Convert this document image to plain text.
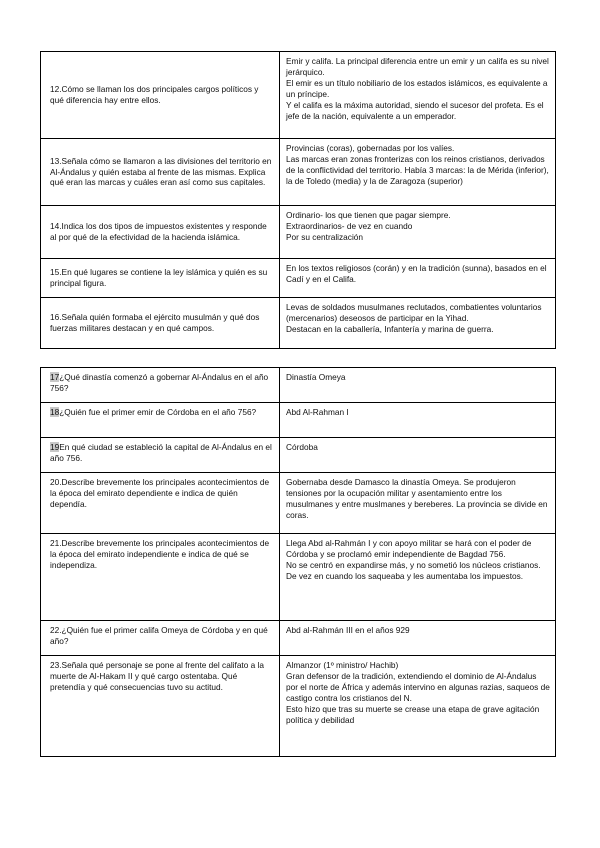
12.Cómo se llaman los dos principales cargos políticos y qué diferencia hay entre ellos.	Emir y califa. La principal diferencia entre un emir y un califa es su nivel jerárquico.
El emir es un título nobiliario de los estados islámicos, es equivalente a un príncipe.
Y el califa es la máxima autoridad, siendo el sucesor del profeta. Es el jefe de la nación, equivalente a un emperador.

13.Señala cómo se llamaron a las divisiones del territorio en Al-Ándalus y quién estaba al frente de las mismas. Explica qué eran las marcas y cuáles eran así como sus capitales.	Provincias (coras), gobernadas por los valíes.
Las marcas eran zonas fronterizas con los reinos cristianos, derivados de la conflictividad del territorio. Había 3 marcas: la de Mérida (inferior), la de Toledo (media) y la de Zaragoza (superior)

14.Indica los dos tipos de impuestos existentes y responde al por qué de la efectividad de la hacienda islámica.	Ordinario- los que tienen que pagar siempre.
Extraordinarios- de vez en cuando
Por su centralización

15.En qué lugares se contiene la ley islámica y quién es su principal figura.	En los textos religiosos (corán) y en la tradición (sunna), basados en el Cadí y en el Califa.

16.Señala quién formaba el ejército musulmán y qué dos fuerzas militares destacan y en qué campos.	Levas de soldados musulmanes reclutados, combatientes voluntarios (mercenarios) deseosos de participar en la Yihad.
Destacan en la caballería, Infantería y marina de guerra.
17¿Qué dinastía comenzó a gobernar Al-Ándalus en el año 756?	Dinastía Omeya

18¿Quién fue el primer emir de Córdoba en el año 756?	Abd Al-Rahman I

19En qué ciudad se estableció la capital de Al-Ándalus en el año 756.	Córdoba

20.Describe brevemente los principales acontecimientos de la época del emirato dependiente e indica de quién dependía.	Gobernaba desde Damasco la dinastía Omeya. Se produjeron tensiones por la ocupación militar y asentamiento entre los musulmanes y entre muslmanes y bereberes. La provincia se divide en coras.

21.Describe brevemente los principales acontecimientos de la época del emirato independiente e indica de qué se independiza.	Llega Abd al-Rahmán I y con apoyo militar se hará con el poder de Córdoba y se proclamó emir independiente de Bagdad 756.
No se centró en expandirse más, y no sometió los núcleos cristianos. De vez en cuando los saqueaba y les aumentaba los impuestos.

22.¿Quién fue el primer califa Omeya de Córdoba y en qué año?	Abd al-Rahmán III en el años 929

23.Señala qué personaje se pone al frente del califato a la muerte de Al-Hakam II y qué cargo ostentaba. Qué pretendía y qué consecuencias tuvo su actitud.	Almanzor (1º ministro/ Hachib)
Gran defensor de la tradición, extendiendo el dominio de Al-Ándalus por el norte de África y además intervino en algunas razias, saqueos de castigo contra los cristianos del N.
Esto hizo que tras su muerte se crease una etapa de grave agitación política y debilidad
